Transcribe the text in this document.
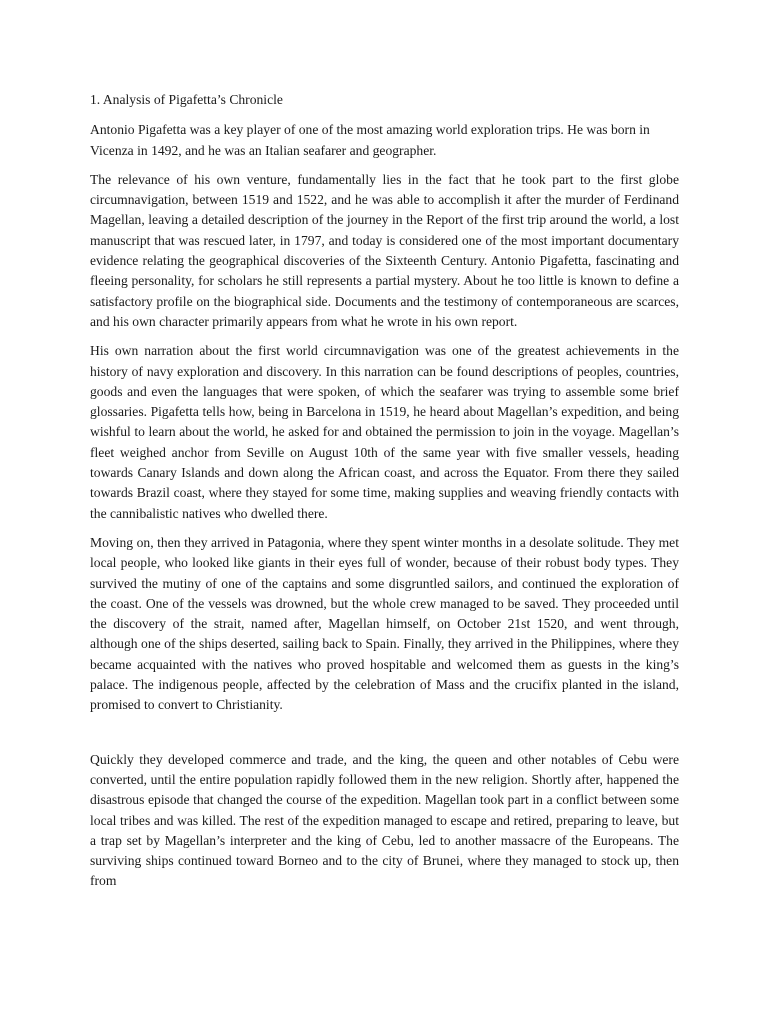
1. Analysis of Pigafetta’s Chronicle

Antonio Pigafetta was a key player of one of the most amazing world exploration trips. He was born in Vicenza in 1492, and he was an Italian seafarer and geographer.

The relevance of his own venture, fundamentally lies in the fact that he took part to the first globe circumnavigation, between 1519 and 1522, and he was able to accomplish it after the murder of Ferdinand Magellan, leaving a detailed description of the journey in the Report of the first trip around the world, a lost manuscript that was rescued later, in 1797, and today is considered one of the most important documentary evidence relating the geographical discoveries of the Sixteenth Century. Antonio Pigafetta, fascinating and fleeing personality, for scholars he still represents a partial mystery. About he too little is known to define a satisfactory profile on the biographical side. Documents and the testimony of contemporaneous are scarces, and his own character primarily appears from what he wrote in his own report.

His own narration about the first world circumnavigation was one of the greatest achievements in the history of navy exploration and discovery. In this narration can be found descriptions of peoples, countries, goods and even the languages that were spoken, of which the seafarer was trying to assemble some brief glossaries. Pigafetta tells how, being in Barcelona in 1519, he heard about Magellan’s expedition, and being wishful to learn about the world, he asked for and obtained the permission to join in the voyage. Magellan’s fleet weighed anchor from Seville on August 10th of the same year with five smaller vessels, heading towards Canary Islands and down along the African coast, and across the Equator. From there they sailed towards Brazil coast, where they stayed for some time, making supplies and weaving friendly contacts with the cannibalistic natives who dwelled there.

Moving on, then they arrived in Patagonia, where they spent winter months in a desolate solitude. They met local people, who looked like giants in their eyes full of wonder, because of their robust body types. They survived the mutiny of one of the captains and some disgruntled sailors, and continued the exploration of the coast. One of the vessels was drowned, but the whole crew managed to be saved. They proceeded until the discovery of the strait, named after, Magellan himself, on October 21st 1520, and went through, although one of the ships deserted, sailing back to Spain. Finally, they arrived in the Philippines, where they became acquainted with the natives who proved hospitable and welcomed them as guests in the king’s palace. The indigenous people, affected by the celebration of Mass and the crucifix planted in the island, promised to convert to Christianity.

Quickly they developed commerce and trade, and the king, the queen and other notables of Cebu were converted, until the entire population rapidly followed them in the new religion. Shortly after, happened the disastrous episode that changed the course of the expedition. Magellan took part in a conflict between some local tribes and was killed. The rest of the expedition managed to escape and retired, preparing to leave, but a trap set by Magellan’s interpreter and the king of Cebu, led to another massacre of the Europeans. The surviving ships continued toward Borneo and to the city of Brunei, where they managed to stock up, then from
